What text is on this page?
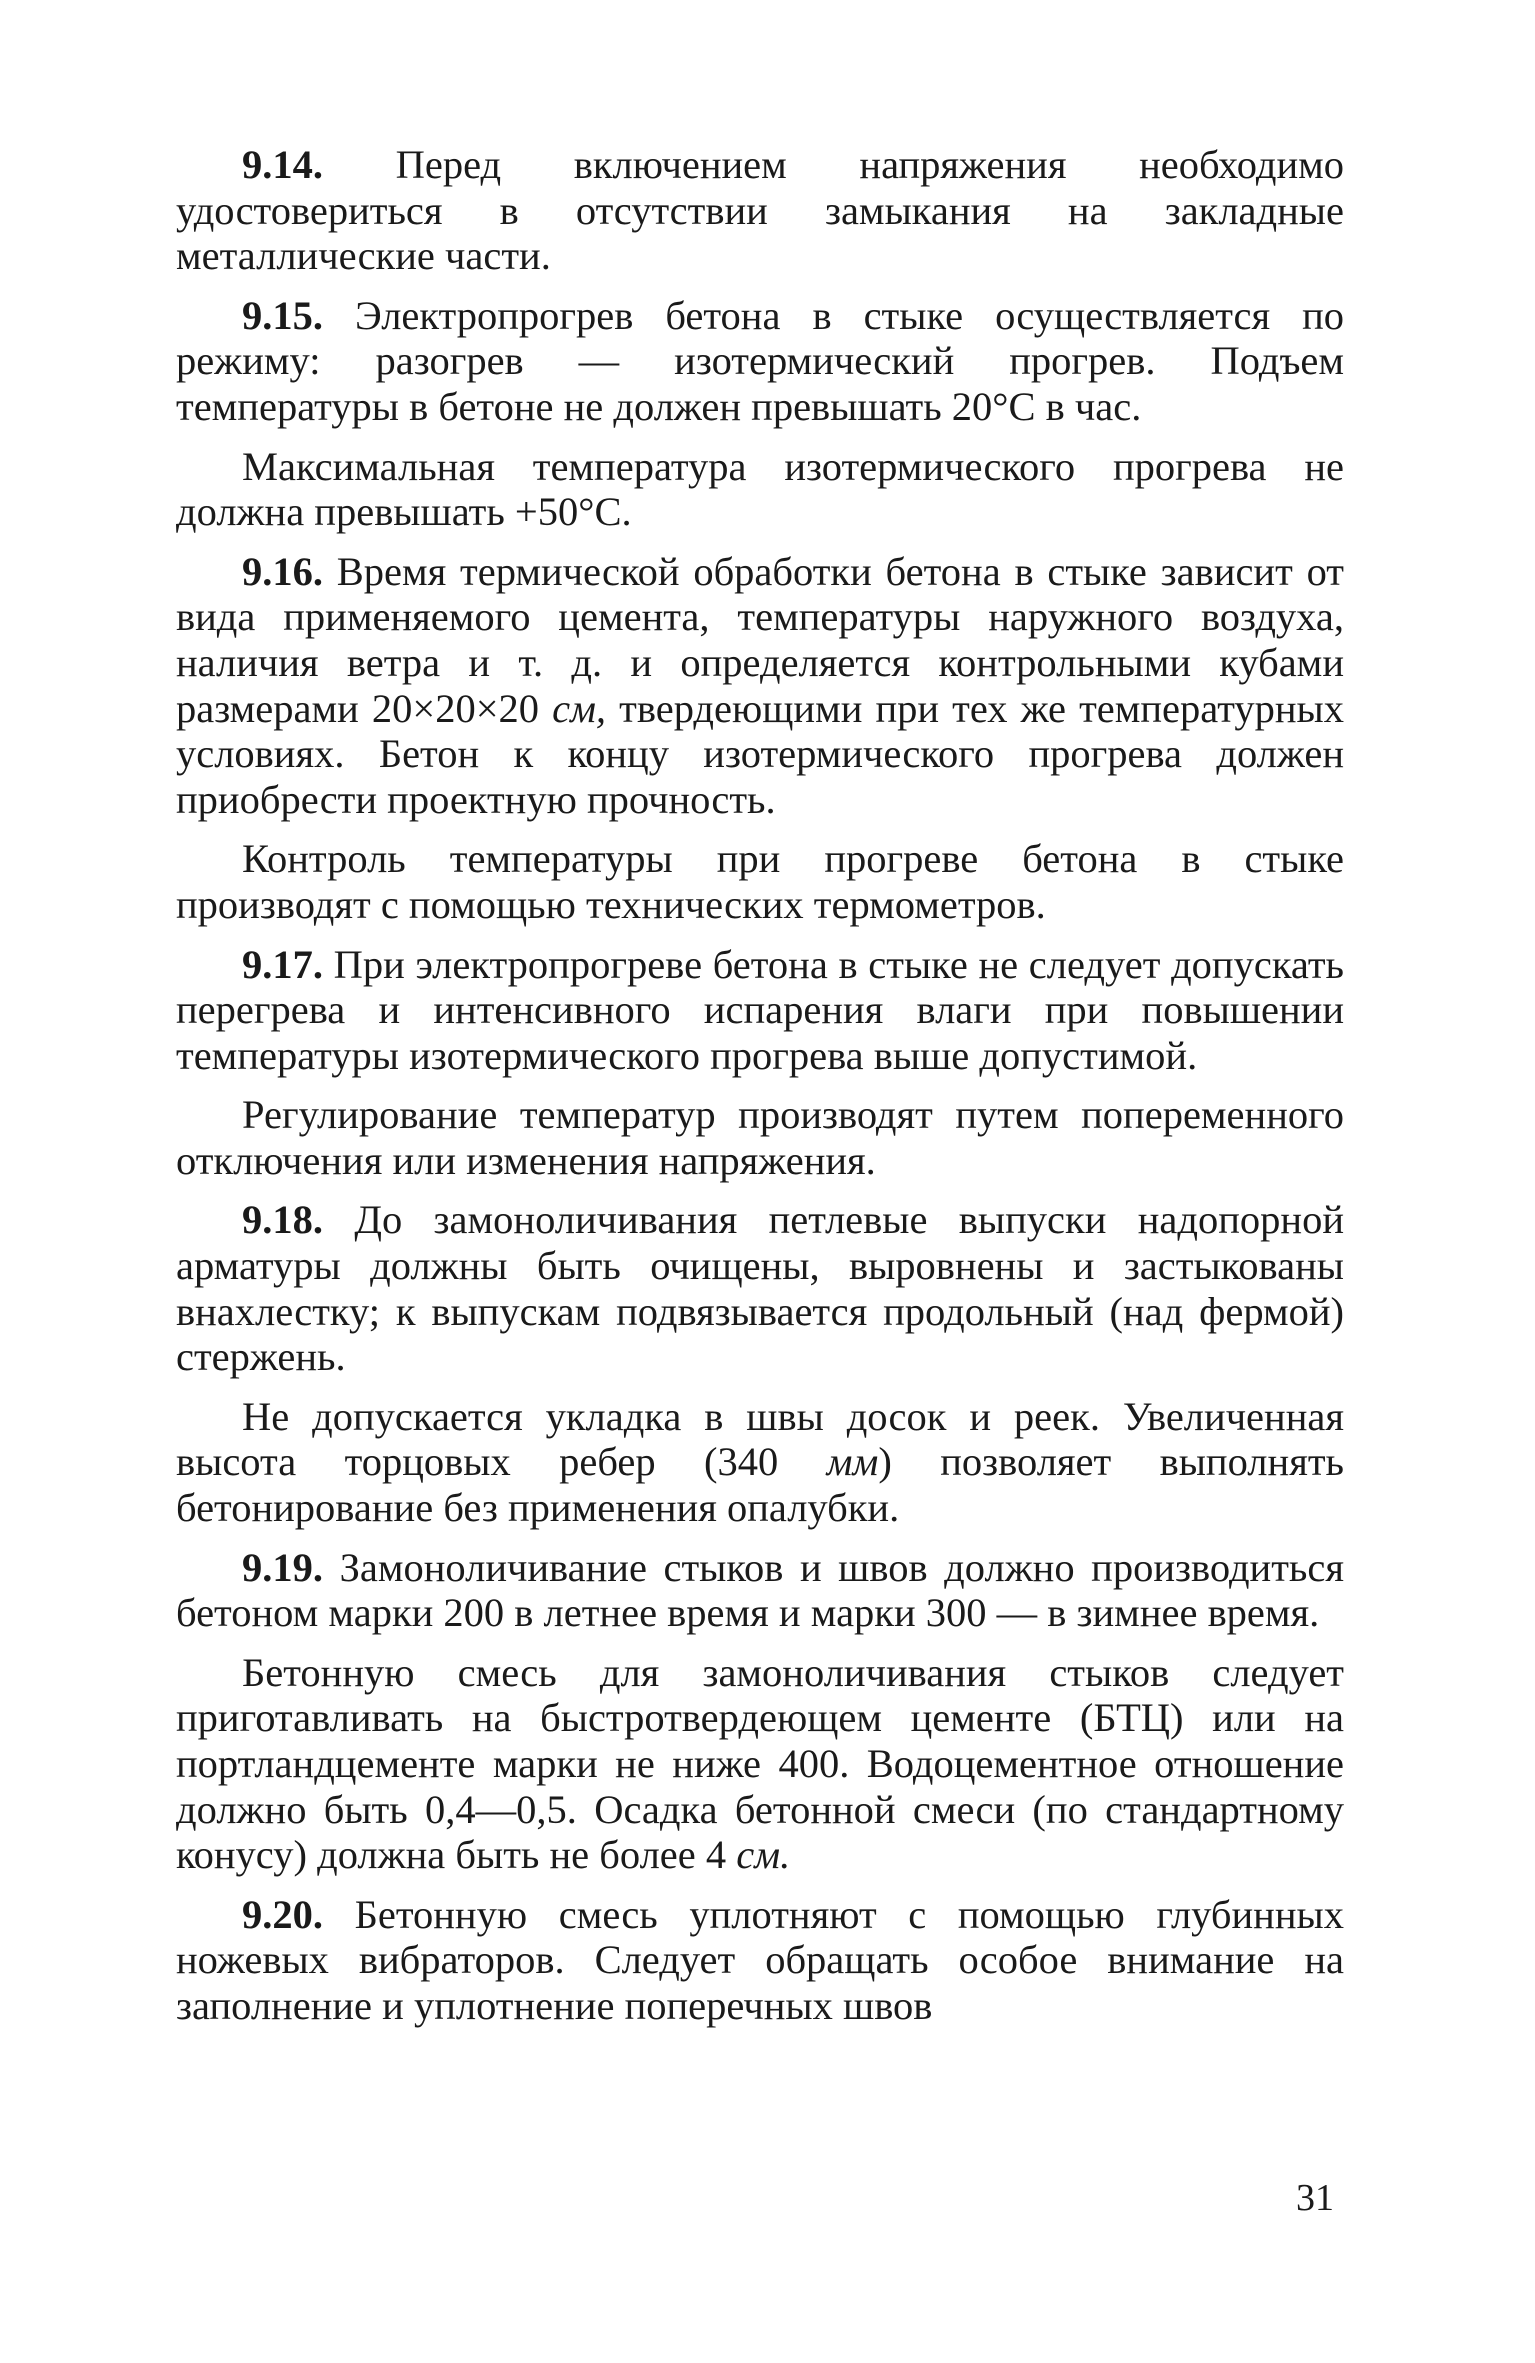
9.14. Перед включением напряжения необходимо удостовериться в отсутствии замыкания на закладные металлические части.

9.15. Электропрогрев бетона в стыке осуществляется по режиму: разогрев — изотермический прогрев. Подъем температуры в бетоне не должен превышать 20°С в час.

Максимальная температура изотермического прогрева не должна превышать +50°С.

9.16. Время термической обработки бетона в стыке зависит от вида применяемого цемента, температуры наружного воздуха, наличия ветра и т. д. и определяется контрольными кубами размерами 20×20×20 см, твердеющими при тех же температурных условиях. Бетон к концу изотермического прогрева должен приобрести проектную прочность.

Контроль температуры при прогреве бетона в стыке производят с помощью технических термометров.

9.17. При электропрогреве бетона в стыке не следует допускать перегрева и интенсивного испарения влаги при повышении температуры изотермического прогрева выше допустимой.

Регулирование температур производят путем попеременного отключения или изменения напряжения.

9.18. До замоноличивания петлевые выпуски надопорной арматуры должны быть очищены, выровнены и застыкованы внахлестку; к выпускам подвязывается продольный (над фермой) стержень.

Не допускается укладка в швы досок и реек. Увеличенная высота торцовых ребер (340 мм) позволяет выполнять бетонирование без применения опалубки.

9.19. Замоноличивание стыков и швов должно производиться бетоном марки 200 в летнее время и марки 300 — в зимнее время.

Бетонную смесь для замоноличивания стыков следует приготавливать на быстротвердеющем цементе (БТЦ) или на портландцементе марки не ниже 400. Водоцементное отношение должно быть 0,4—0,5. Осадка бетонной смеси (по стандартному конусу) должна быть не более 4 см.

9.20. Бетонную смесь уплотняют с помощью глубинных ножевых вибраторов. Следует обращать особое внимание на заполнение и уплотнение поперечных швов

31
